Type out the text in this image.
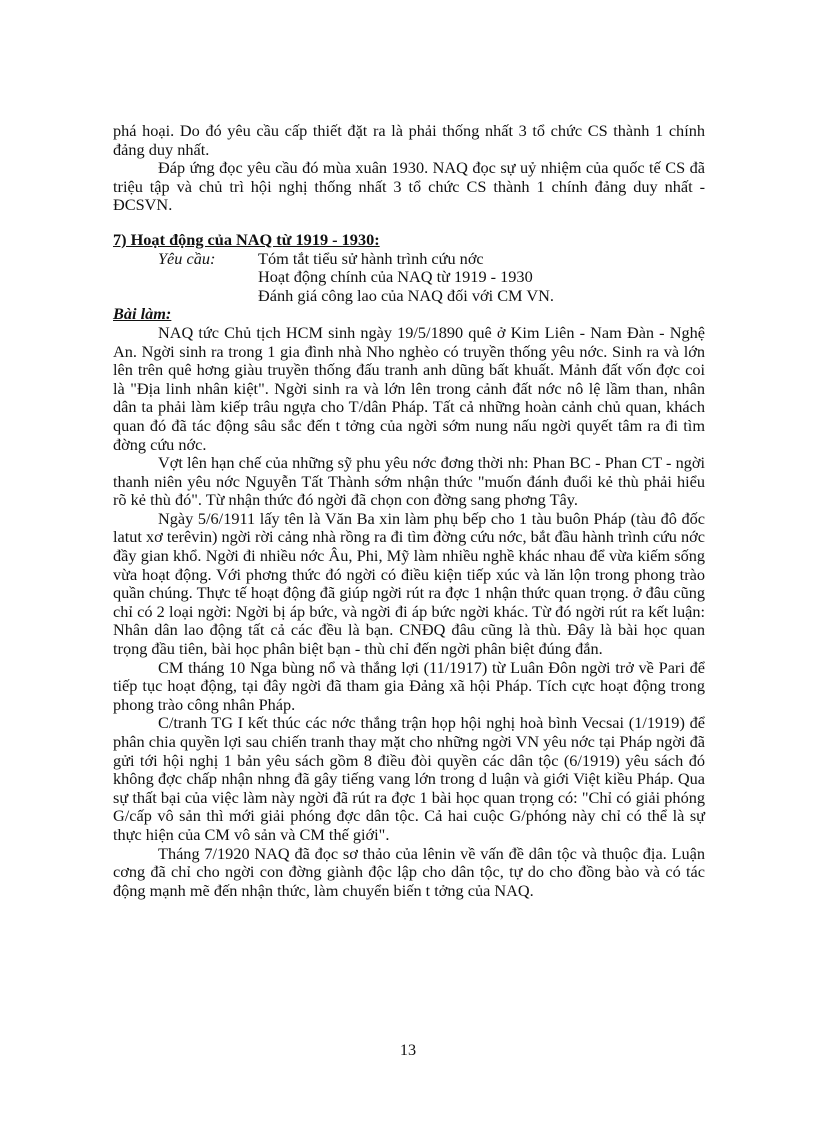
phá hoại. Do đó yêu cầu cấp thiết đặt ra là phải thống nhất 3 tổ chức CS thành 1 chính đảng duy nhất.

Đáp ứng đọc yêu cầu đó mùa xuân 1930. NAQ đọc sự uỷ nhiệm của quốc tế CS đã triệu tập và chủ trì hội nghị thống nhất 3 tổ chức CS thành 1 chính đảng duy nhất - ĐCSVN.

7) Hoạt động của NAQ từ 1919 - 1930:
Yêu cầu:	Tóm tắt tiểu sử hành trình cứu nớc
Hoạt động chính của NAQ từ 1919 - 1930
Đánh giá công lao của NAQ đối với CM VN.
Bài làm:

NAQ tức Chủ tịch HCM sinh ngày 19/5/1890 quê ở Kim Liên - Nam Đàn - Nghệ An. Ngời sinh ra trong 1 gia đình nhà Nho nghèo có truyền thống yêu nớc. Sinh ra và lớn lên trên quê hơng giàu truyền thống đấu tranh anh dũng bất khuất. Mảnh đất vốn đợc coi là "Địa linh nhân kiệt". Ngời sinh ra và lớn lên trong cảnh đất nớc nô lệ lầm than, nhân dân ta phải làm kiếp trâu ngựa cho T/dân Pháp. Tất cả những hoàn cảnh chủ quan, khách quan đó đã tác động sâu sắc đến t tởng của ngời sớm nung nấu ngời quyết tâm ra đi tìm đờng cứu nớc.

Vợt lên hạn chế của những sỹ phu yêu nớc đơng thời nh: Phan BC - Phan CT - ngời thanh niên yêu nớc Nguyễn Tất Thành sớm nhận thức "muốn đánh đuổi kẻ thù phải hiểu rõ kẻ thù đó". Từ nhận thức đó ngời đã chọn con đờng sang phơng Tây.

Ngày 5/6/1911 lấy tên là Văn Ba xin làm phụ bếp cho 1 tàu buôn Pháp (tàu đô đốc latut xơ terêvin) ngời rời cảng nhà rồng ra đi tìm đờng cứu nớc, bắt đầu hành trình cứu nớc đầy gian khổ. Ngời đi nhiều nớc Âu, Phi, Mỹ làm nhiều nghề khác nhau để vừa kiếm sống vừa hoạt động. Với phơng thức đó ngời có điều kiện tiếp xúc và lăn lộn trong phong trào quần chúng. Thực tế hoạt động đã giúp ngời rút ra đợc 1 nhận thức quan trọng. ở đâu cũng chỉ có 2 loại ngời: Ngời bị áp bức, và ngời đi áp bức ngời khác. Từ đó ngời rút ra kết luận: Nhân dân lao động tất cả các đều là bạn. CNĐQ đâu cũng là thù. Đây là bài học quan trọng đầu tiên, bài học phân biệt bạn - thù chỉ đến ngời phân biệt đúng đắn.

CM tháng 10 Nga bùng nổ và thắng lợi (11/1917) từ Luân Đôn ngời trở về Pari để tiếp tục hoạt động, tại đây ngời đã tham gia Đảng xã hội Pháp. Tích cực hoạt động trong phong trào công nhân Pháp.

C/tranh TG I kết thúc các nớc thắng trận họp hội nghị hoà bình Vecsai (1/1919) để phân chia quyền lợi sau chiến tranh thay mặt cho những ngời VN yêu nớc tại Pháp ngời đã gửi tới hội nghị 1 bản yêu sách gồm 8 điều đòi quyền các dân tộc (6/1919) yêu sách đó không đợc chấp nhận nhng đã gây tiếng vang lớn trong d luận và giới Việt kiều Pháp. Qua sự thất bại của việc làm này ngời đã rút ra đợc 1 bài học quan trọng có: "Chỉ có giải phóng G/cấp vô sản thì mới giải phóng đợc dân tộc. Cả hai cuộc G/phóng này chỉ có thể là sự thực hiện của CM vô sản và CM thế giới".

Tháng 7/1920 NAQ đã đọc sơ thảo của lênin về vấn đề dân tộc và thuộc địa. Luận cơng đã chỉ cho ngời con đờng giành độc lập cho dân tộc, tự do cho đồng bào và có tác động mạnh mẽ đến nhận thức, làm chuyển biến t tởng của NAQ.

13
